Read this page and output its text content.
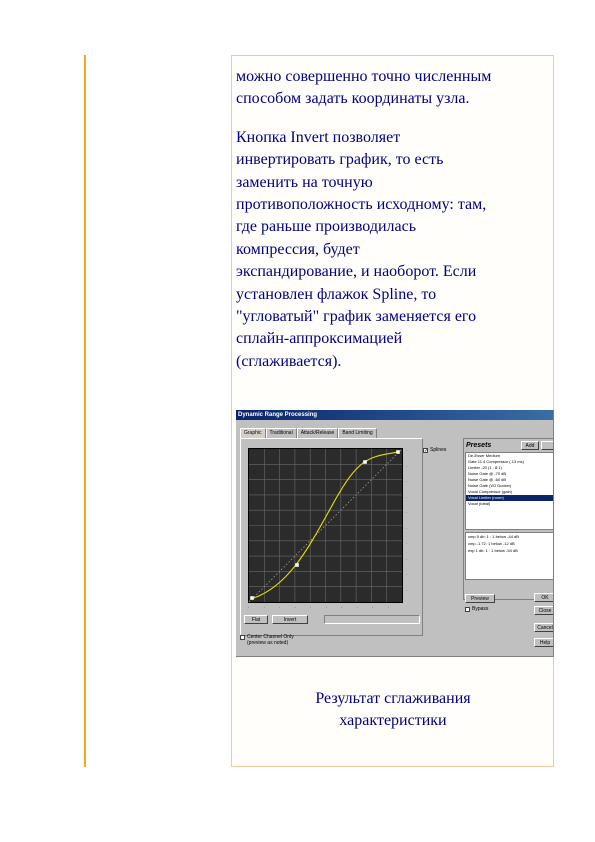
можно совершенно точно численным
способом задать координаты узла.

Кнопка Invert позволяет
инвертировать график, то есть
заменить на точную
противоположность исходному: там,
где раньше производилась
компрессия, будет
экспандирование, и наоборот. Если
установлен флажок Spline, то
"угловатый" график заменяется его
сплайн-аппроксимацией
(сглаживается).

Dynamic Range Processing
Graphic	Traditional	Attack/Release	Band Limiting
·
·
·
·
·
·
·
·
·
·
·	·	·	·	·	·	·	·	·	·
✓ Splines
Flat	Invert
Center Channel Only
(preview as noted)
Presets	Add
De-Esser Medium
Gate 11.4 Compressor (.13 ms)
Limiter -20 (1 : 8:1)
Noise Gate @ -70 dB
Noise Gate @ -60 dB
Noise Gate (VO Ducker)
Vocal Compressor (gain)
Vocal Limiter (room)
Vocal (Ideal)
cmp 5 db: 1 : 1 below -44 dB
cmp -1.72: 1 below -12 dB
exp 1 db: 1 : 1 below -54 dB
Preview
Bypass
OK
Close
Cancel
Help
Результат сглаживания
характеристики
